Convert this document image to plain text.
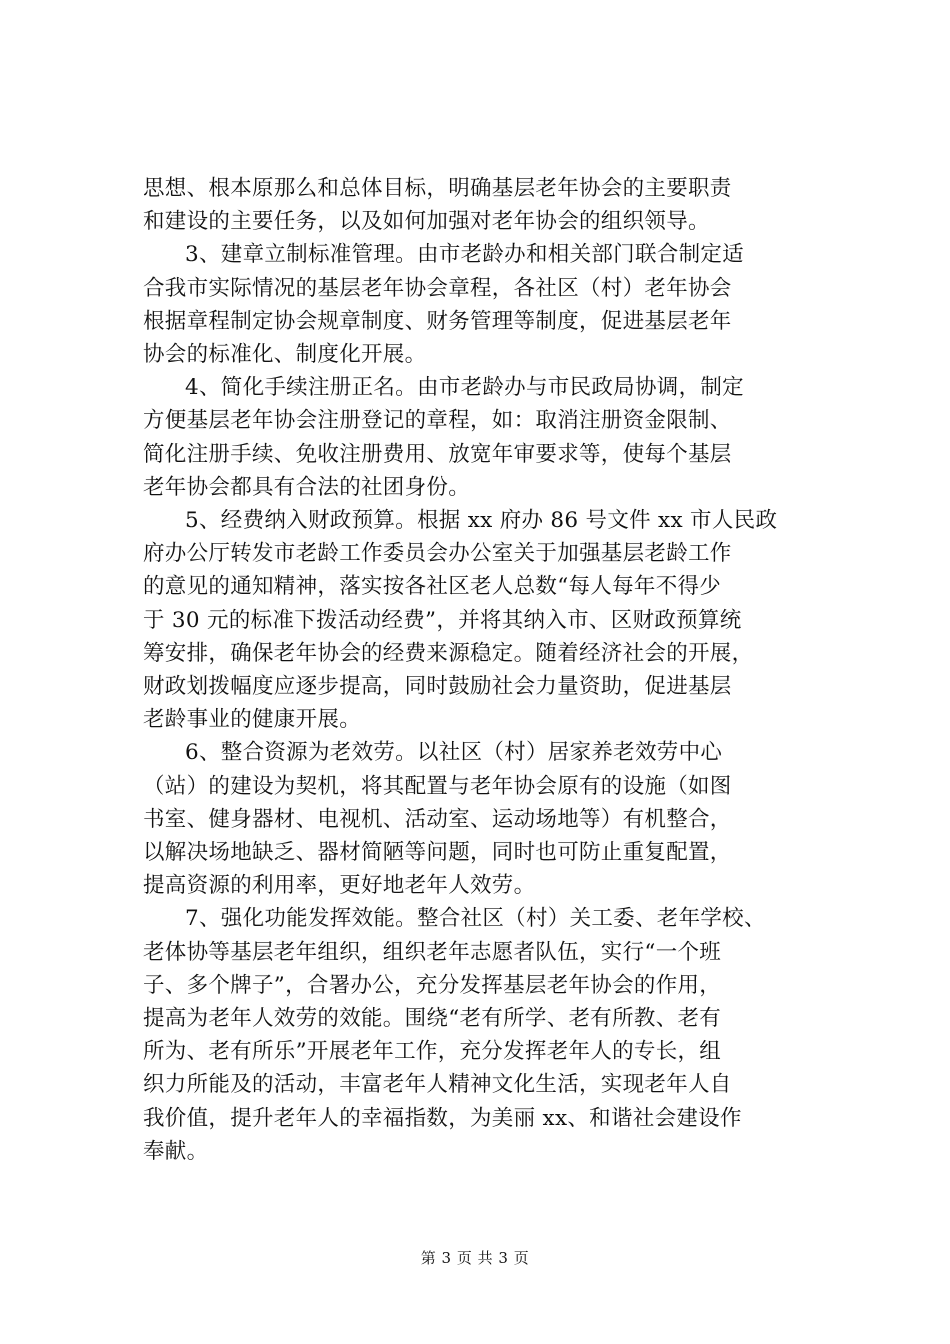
思想、根本原那么和总体目标，明确基层老年协会的主要职责
和建设的主要任务，以及如何加强对老年协会的组织领导。

3、建章立制标准管理。由市老龄办和相关部门联合制定适
合我市实际情况的基层老年协会章程，各社区（村）老年协会
根据章程制定协会规章制度、财务管理等制度，促进基层老年
协会的标准化、制度化开展。

4、简化手续注册正名。由市老龄办与市民政局协调，制定
方便基层老年协会注册登记的章程，如：取消注册资金限制、
简化注册手续、免收注册费用、放宽年审要求等，使每个基层
老年协会都具有合法的社团身份。

5、经费纳入财政预算。根据 xx 府办 86 号文件 xx 市人民政
府办公厅转发市老龄工作委员会办公室关于加强基层老龄工作
的意见的通知精神，落实按各社区老人总数“每人每年不得少
于 30 元的标准下拨活动经费”，并将其纳入市、区财政预算统
筹安排，确保老年协会的经费来源稳定。随着经济社会的开展，
财政划拨幅度应逐步提高，同时鼓励社会力量资助，促进基层
老龄事业的健康开展。

6、整合资源为老效劳。以社区（村）居家养老效劳中心
（站）的建设为契机，将其配置与老年协会原有的设施（如图
书室、健身器材、电视机、活动室、运动场地等）有机整合，
以解决场地缺乏、器材简陋等问题，同时也可防止重复配置，
提高资源的利用率，更好地老年人效劳。

7、强化功能发挥效能。整合社区（村）关工委、老年学校、
老体协等基层老年组织，组织老年志愿者队伍，实行“一个班
子、多个牌子”，合署办公，充分发挥基层老年协会的作用，
提高为老年人效劳的效能。围绕“老有所学、老有所教、老有
所为、老有所乐”开展老年工作，充分发挥老年人的专长，组
织力所能及的活动，丰富老年人精神文化生活，实现老年人自
我价值，提升老年人的幸福指数，为美丽 xx、和谐社会建设作
奉献。

第 3 页 共 3 页
